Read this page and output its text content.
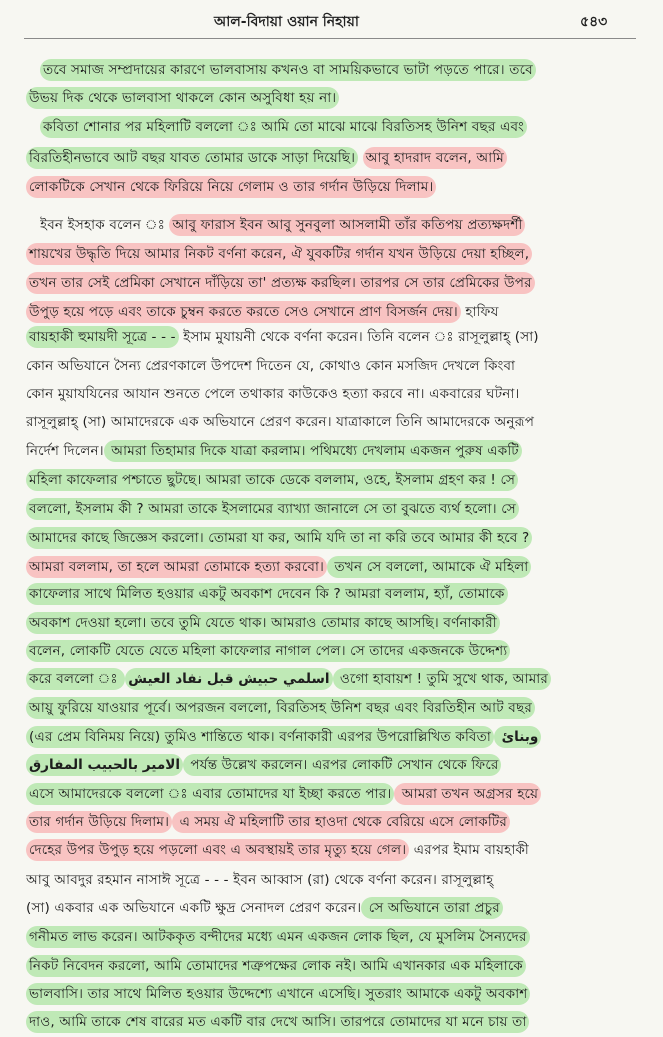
আল-বিদায়া ওয়ান নিহায়া	৫৪৩
তবে সমাজ সম্প্রদায়ের কারণে ভালবাসায় কখনও বা সাময়িকভাবে ভাটা পড়তে পারে। তবে
উভয় দিক থেকে ভালবাসা থাকলে কোন অসুবিধা হয় না।
কবিতা শোনার পর মহিলাটি বললো ঃ আমি তো মাঝে মাঝে বিরতিসহ উনিশ বছর এবং
বিরতিহীনভাবে আট বছর যাবত তোমার ডাকে সাড়া দিয়েছি। আবু হাদরাদ বলেন, আমি
লোকটিকে সেখান থেকে ফিরিয়ে নিয়ে গেলাম ও তার গর্দান উড়িয়ে দিলাম।
ইবন ইসহাক বলেন ঃ আবু ফারাস ইবন আবু সুনবুলা আসলামী তাঁর কতিপয় প্রত্যক্ষদর্শী
শায়খের উদ্ধৃতি দিয়ে আমার নিকট বর্ণনা করেন, ঐ যুবকটির গর্দান যখন উড়িয়ে দেয়া হচ্ছিল,
তখন তার সেই প্রেমিকা সেখানে দাঁড়িয়ে তা' প্রত্যক্ষ করছিল। তারপর সে তার প্রেমিকের উপর
উপুড় হয়ে পড়ে এবং তাকে চুম্বন করতে করতে সেও সেখানে প্রাণ বিসর্জন দেয়। হাফিয
বায়হাকী হুমায়দী সূত্রে - - - ইসাম মুযায়নী থেকে বর্ণনা করেন। তিনি বলেন ঃ রাসূলুল্লাহ্ (সা)
কোন অভিযানে সৈন্য প্রেরণকালে উপদেশ দিতেন যে, কোথাও কোন মসজিদ দেখলে কিংবা
কোন মুয়াযযিনের আযান শুনতে পেলে তথাকার কাউকেও হত্যা করবে না। একবারের ঘটনা।
রাসূলুল্লাহ্ (সা) আমাদেরকে এক অভিযানে প্রেরণ করেন। যাত্রাকালে তিনি আমাদেরকে অনুরূপ
নির্দেশ দিলেন। আমরা তিহামার দিকে যাত্রা করলাম। পথিমধ্যে দেখলাম একজন পুরুষ একটি
মহিলা কাফেলার পশ্চাতে ছুটছে। আমরা তাকে ডেকে বললাম, ওহে, ইসলাম গ্রহণ কর ! সে
বললো, ইসলাম কী ? আমরা তাকে ইসলামের ব্যাখ্যা জানালে সে তা বুঝতে ব্যর্থ হলো। সে
আমাদের কাছে জিজ্ঞেস করলো। তোমরা যা কর, আমি যদি তা না করি তবে আমার কী হবে ?
আমরা বললাম, তা হলে আমরা তোমাকে হত্যা করবো। তখন সে বললো, আমাকে ঐ মহিলা
কাফেলার সাথে মিলিত হওয়ার একটু অবকাশ দেবেন কি ? আমরা বললাম, হ্যাঁ, তোমাকে
অবকাশ দেওয়া হলো। তবে তুমি যেতে থাক। আমরাও তোমার কাছে আসছি। বর্ণনাকারী
বলেন, লোকটি যেতে যেতে মহিলা কাফেলার নাগাল পেল। সে তাদের একজনকে উদ্দেশ্য
করে বললো ঃ اسلمي حبيش قبل نفاد العيش ওগো হাবায়শ ! তুমি সুখে থাক, আমার
আয়ু ফুরিয়ে যাওয়ার পূর্বে। অপরজন বললো, বিরতিসহ উনিশ বছর এবং বিরতিহীন আট বছর
(এর প্রেম বিনিময় নিয়ে) তুমিও শান্তিতে থাক। বর্ণনাকারী এরপর উপরোল্লিখিত কবিতা وبنائ
الامير بالحبيب المفارق পর্যন্ত উল্লেখ করলেন। এরপর লোকটি সেখান থেকে ফিরে
এসে আমাদেরকে বললো ঃ এবার তোমাদের যা ইচ্ছা করতে পার। আমরা তখন অগ্রসর হয়ে
তার গর্দান উড়িয়ে দিলাম। এ সময় ঐ মহিলাটি তার হাওদা থেকে বেরিয়ে এসে লোকটির
দেহের উপর উপুড় হয়ে পড়লো এবং এ অবস্থায়ই তার মৃত্যু হয়ে গেল। এরপর ইমাম বায়হাকী
আবু আবদুর রহমান নাসাঈ সূত্রে - - - ইবন আব্বাস (রা) থেকে বর্ণনা করেন। রাসূলুল্লাহ্
(সা) একবার এক অভিযানে একটি ক্ষুদ্র সেনাদল প্রেরণ করেন। সে অভিযানে তারা প্রচুর
গনীমত লাভ করেন। আটককৃত বন্দীদের মধ্যে এমন একজন লোক ছিল, যে মুসলিম সৈন্যদের
নিকট নিবেদন করলো, আমি তোমাদের শত্রুপক্ষের লোক নই। আমি এখানকার এক মহিলাকে
ভালবাসি। তার সাথে মিলিত হওয়ার উদ্দেশ্যে এখানে এসেছি। সুতরাং আমাকে একটু অবকাশ
দাও, আমি তাকে শেষ বারের মত একটি বার দেখে আসি। তারপরে তোমাদের যা মনে চায় তা
